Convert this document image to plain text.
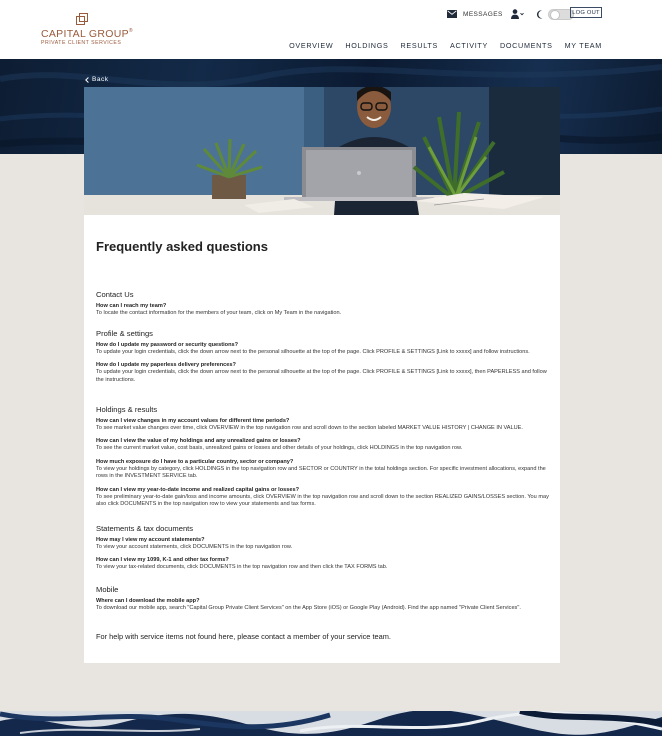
CAPITAL GROUP®
PRIVATE CLIENT SERVICES
MESSAGES	LOG OUT
OVERVIEW HOLDINGS RESULTS ACTIVITY DOCUMENTS MY TEAM
Back
Frequently asked questions
Contact Us
How can I reach my team?
To locate the contact information for the members of your team, click on My Team in the navigation.
Profile & settings
How do I update my password or security questions?
To update your login credentials, click the down arrow next to the personal silhouette at the top of the page. Click PROFILE & SETTINGS [Link to xxxxx] and follow instructions.
How do I update my paperless delivery preferences?
To update your login credentials, click the down arrow next to the personal silhouette at the top of the page. Click PROFILE & SETTINGS [Link to xxxxx], then PAPERLESS and follow the instructions.
Holdings & results
How can I view changes in my account values for different time periods?
To see market value changes over time, click OVERVIEW in the top navigation row and scroll down to the section labeled MARKET VALUE HISTORY | CHANGE IN VALUE.
How can I view the value of my holdings and any unrealized gains or losses?
To see the current market value, cost basis, unrealized gains or losses and other details of your holdings, click HOLDINGS in the top navigation row.
How much exposure do I have to a particular country, sector or company?
To view your holdings by category, click HOLDINGS in the top navigation row and SECTOR or COUNTRY in the total holdings section. For specific investment allocations, expand the rows in the INVESTMENT SERVICE tab.
How can I view my year-to-date income and realized capital gains or losses?
To see preliminary year-to-date gain/loss and income amounts, click OVERVIEW in the top navigation row and scroll down to the section REALIZED GAINS/LOSSES section. You may also click DOCUMENTS in the top navigation row to view your statements and tax forms.
Statements & tax documents
How may I view my account statements?
To view your account statements, click DOCUMENTS in the top navigation row.
How can I view my 1099, K-1 and other tax forms?
To view your tax-related documents, click DOCUMENTS in the top navigation row and then click the TAX FORMS tab.
Mobile
Where can I download the mobile app?
To download our mobile app, search "Capital Group Private Client Services" on the App Store (iOS) or Google Play (Android). Find the app named "Private Client Services".
For help with service items not found here, please contact a member of your service team.
